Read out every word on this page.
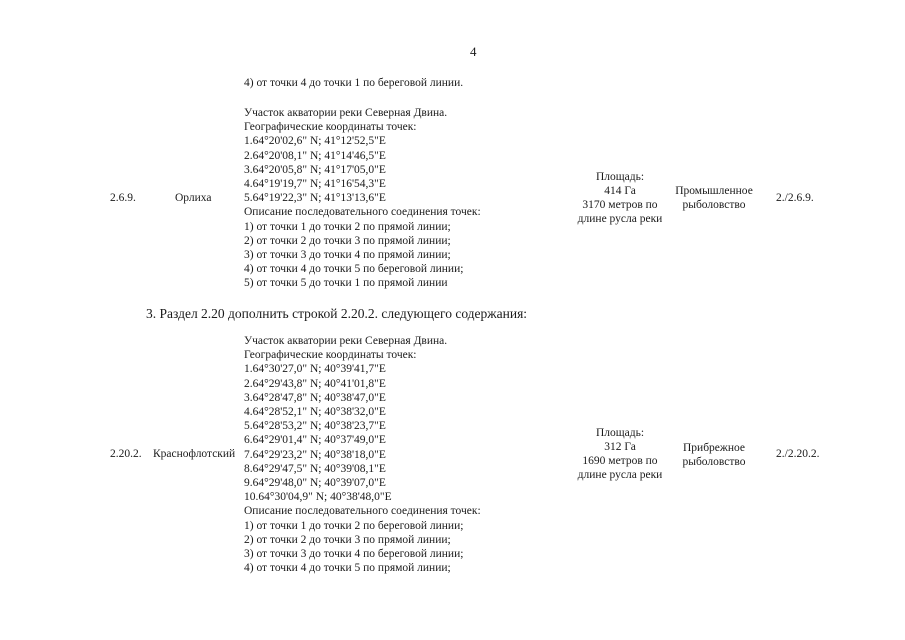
4
4) от точки 4 до точки 1 по береговой линии.
2.6.9.	Орлиха
Участок акватории реки Северная Двина.
Географические координаты точек:
1.64°20'02,6" N; 41°12'52,5"E
2.64°20'08,1" N; 41°14'46,5"E
3.64°20'05,8" N; 41°17'05,0"E
4.64°19'19,7" N; 41°16'54,3"E
5.64°19'22,3" N; 41°13'13,6"E
Описание последовательного соединения точек:
1) от точки 1 до точки 2 по прямой линии;
2) от точки 2 до точки 3 по прямой линии;
3) от точки 3 до точки 4 по прямой линии;
4) от точки 4 до точки 5 по береговой линии;
5) от точки 5 до точки 1 по прямой линии
Площадь:
414 Га
3170 метров по
длине русла реки
Промышленное
рыболовство
2./2.6.9.
3. Раздел 2.20 дополнить строкой 2.20.2. следующего содержания:
2.20.2. Краснофлотский
Участок акватории реки Северная Двина.
Географические координаты точек:
1.64°30'27,0" N; 40°39'41,7"E
2.64°29'43,8" N; 40°41'01,8"E
3.64°28'47,8" N; 40°38'47,0"E
4.64°28'52,1" N; 40°38'32,0"E
5.64°28'53,2" N; 40°38'23,7"E
6.64°29'01,4" N; 40°37'49,0"E
7.64°29'23,2" N; 40°38'18,0"E
8.64°29'47,5" N; 40°39'08,1"E
9.64°29'48,0" N; 40°39'07,0"E
10.64°30'04,9" N; 40°38'48,0"E
Описание последовательного соединения точек:
1) от точки 1 до точки 2 по береговой линии;
2) от точки 2 до точки 3 по прямой линии;
3) от точки 3 до точки 4 по береговой линии;
4) от точки 4 до точки 5 по прямой линии;
Площадь:
312 Га
1690 метров по
длине русла реки
Прибрежное
рыболовство
2./2.20.2.
